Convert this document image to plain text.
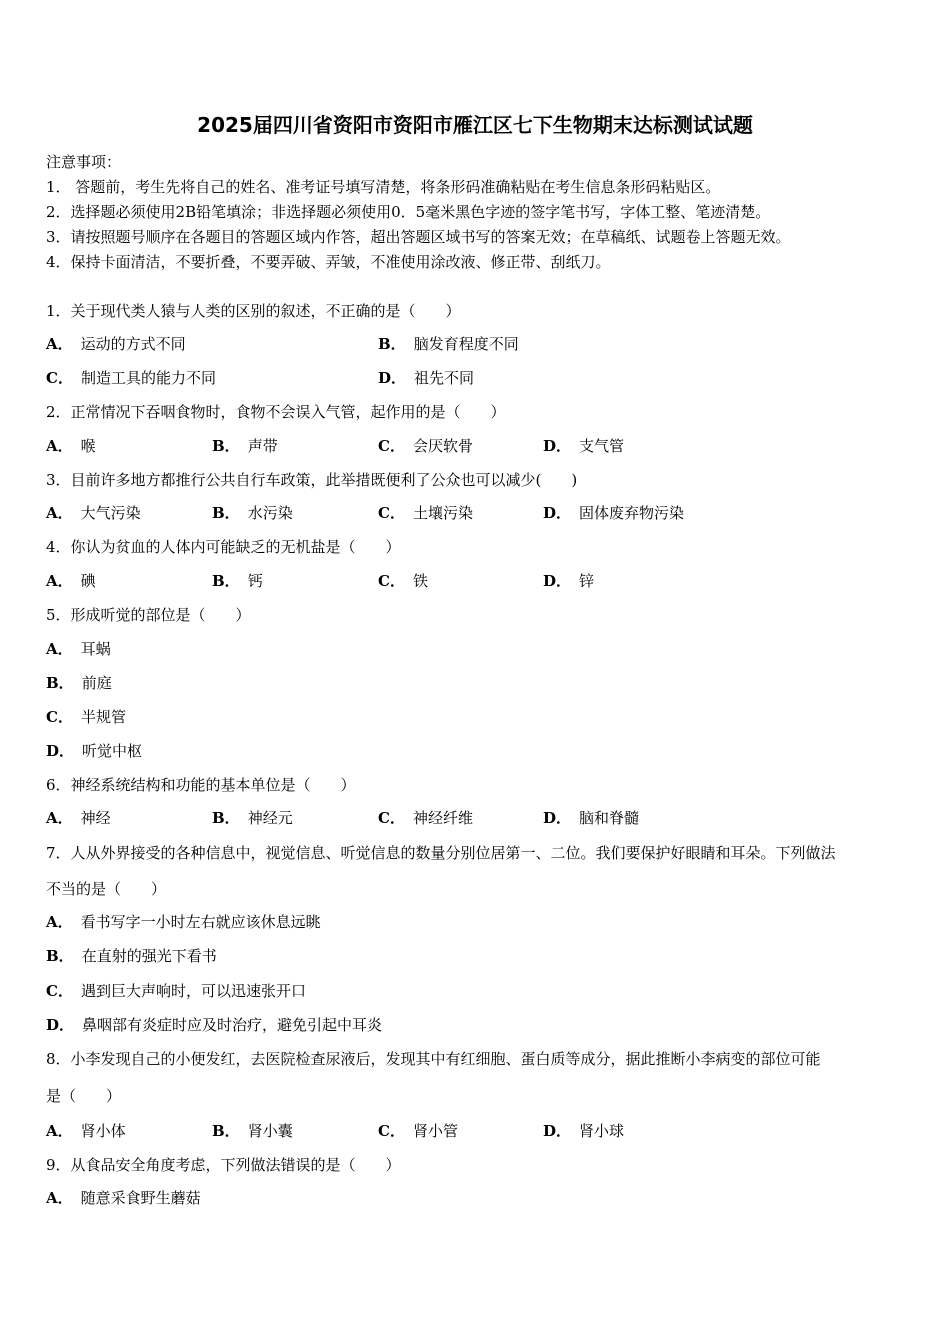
2025届四川省资阳市资阳市雁江区七下生物期末达标测试试题
注意事项：
1． 答题前，考生先将自己的姓名、准考证号填写清楚，将条形码准确粘贴在考生信息条形码粘贴区。
2．选择题必须使用2B铅笔填涂；非选择题必须使用0．5毫米黑色字迹的签字笔书写，字体工整、笔迹清楚。
3．请按照题号顺序在各题目的答题区域内作答，超出答题区域书写的答案无效；在草稿纸、试题卷上答题无效。
4．保持卡面清洁，不要折叠，不要弄破、弄皱，不准使用涂改液、修正带、刮纸刀。
1．关于现代类人猿与人类的区别的叙述，不正确的是（　　）
A． 运动的方式不同	B． 脑发育程度不同
C． 制造工具的能力不同	D． 祖先不同
2．正常情况下吞咽食物时，食物不会误入气管，起作用的是（　　）
A． 喉	B． 声带	C． 会厌软骨	D． 支气管
3．目前许多地方都推行公共自行车政策，此举措既便利了公众也可以减少(　　)
A． 大气污染	B． 水污染	C． 土壤污染	D． 固体废弃物污染
4．你认为贫血的人体内可能缺乏的无机盐是（　　）
A． 碘	B． 钙	C． 铁	D． 锌
5．形成听觉的部位是（　　）
A． 耳蜗
B． 前庭
C． 半规管
D． 听觉中枢
6．神经系统结构和功能的基本单位是（　　）
A． 神经	B． 神经元	C． 神经纤维	D． 脑和脊髓
7．人从外界接受的各种信息中，视觉信息、听觉信息的数量分别位居第一、二位。我们要保护好眼睛和耳朵。下列做法
不当的是（　　）
A． 看书写字一小时左右就应该休息远眺
B． 在直射的强光下看书
C． 遇到巨大声响时，可以迅速张开口
D． 鼻咽部有炎症时应及时治疗，避免引起中耳炎
8．小李发现自己的小便发红，去医院检查尿液后，发现其中有红细胞、蛋白质等成分，据此推断小李病变的部位可能
是（　　）
A． 肾小体	B． 肾小囊	C． 肾小管	D． 肾小球
9．从食品安全角度考虑，下列做法错误的是（　　）
A． 随意采食野生蘑菇
